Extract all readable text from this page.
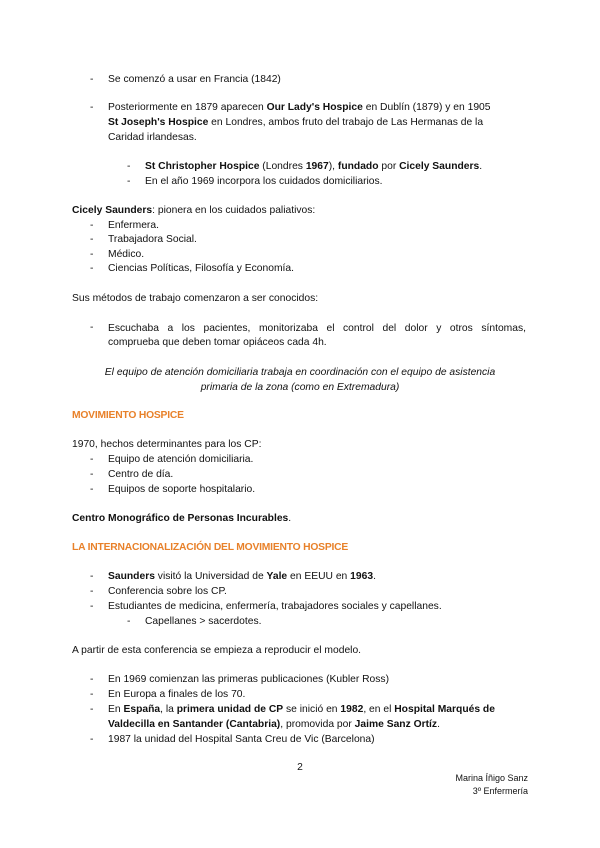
- Se comenzó a usar en Francia (1842)
- Posteriormente en 1879 aparecen Our Lady's Hospice en Dublín (1879) y en 1905
St Joseph's Hospice en Londres, ambos fruto del trabajo de Las Hermanas de la
Caridad irlandesas.
- St Christopher Hospice (Londres 1967), fundado por Cicely Saunders.
- En el año 1969 incorpora los cuidados domiciliarios.
Cicely Saunders: pionera en los cuidados paliativos:
- Enfermera.
- Trabajadora Social.
- Médico.
- Ciencias Políticas, Filosofía y Economía.
Sus métodos de trabajo comenzaron a ser conocidos:
- Escuchaba a los pacientes, monitorizaba el control del dolor y otros síntomas,
comprueba que deben tomar opiáceos cada 4h.
El equipo de atención domiciliaria trabaja en coordinación con el equipo de asistencia
primaria de la zona (como en Extremadura)
MOVIMIENTO HOSPICE
1970, hechos determinantes para los CP:
- Equipo de atención domiciliaria.
- Centro de día.
- Equipos de soporte hospitalario.
Centro Monográfico de Personas Incurables.
LA INTERNACIONALIZACIÓN DEL MOVIMIENTO HOSPICE
- Saunders visitó la Universidad de Yale en EEUU en 1963.
- Conferencia sobre los CP.
- Estudiantes de medicina, enfermería, trabajadores sociales y capellanes.
- Capellanes > sacerdotes.
A partir de esta conferencia se empieza a reproducir el modelo.
- En 1969 comienzan las primeras publicaciones (Kubler Ross)
- En Europa a finales de los 70.
- En España, la primera unidad de CP se inició en 1982, en el Hospital Marqués de
Valdecilla en Santander (Cantabria), promovida por Jaime Sanz Ortíz.
- 1987 la unidad del Hospital Santa Creu de Vic (Barcelona)
2
Marina Íñigo Sanz
3º Enfermería
